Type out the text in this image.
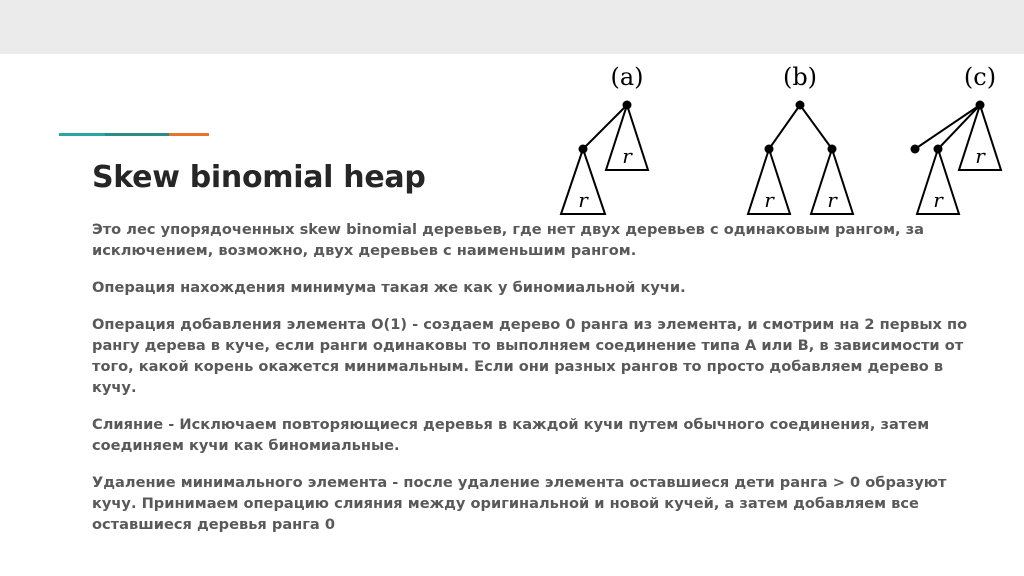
Skew binomial heap

Это лес упорядоченных skew binomial деревьев, где нет двух деревьев с одинаковым рангом, за исключением, возможно, двух деревьев с наименьшим рангом.

Операция нахождения минимума такая же как у биномиальной кучи.

Операция добавления элемента O(1) - создаем дерево 0 ранга из элемента, и смотрим на 2 первых по рангу дерева в куче, если ранги одинаковы то выполняем соединение типа A или B, в зависимости от того, какой корень окажется минимальным. Если они разных рангов то просто добавляем дерево в кучу.

Слияние - Исключаем повторяющиеся деревья в каждой кучи путем обычного соединения, затем соединяем кучи как биномиальные.

Удаление минимального элемента - после удаление элемента оставшиеся дети ранга > 0 образуют кучу. Принимаем операцию слияния между оригинальной и новой кучей, а затем добавляем все оставшиеся деревья ранга 0

(a)	(b)	(c)
r
r	r	r
r
r
